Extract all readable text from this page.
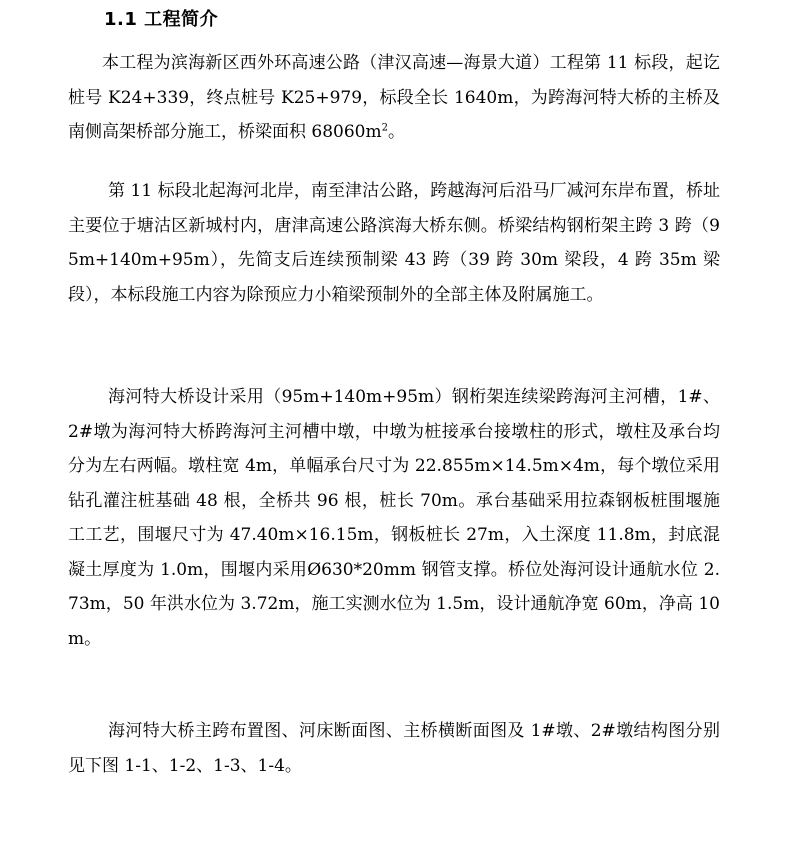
1.1 工程简介

本工程为滨海新区西外环高速公路（津汉高速—海景大道）工程第 11 标段，起讫桩号 K24+339，终点桩号 K25+979，标段全长 1640m，为跨海河特大桥的主桥及南侧高架桥部分施工，桥梁面积 $68060m^2$。

第 11 标段北起海河北岸，南至津沽公路，跨越海河后沿马厂减河东岸布置，桥址主要位于塘沽区新城村内，唐津高速公路滨海大桥东侧。桥梁结构钢桁架主跨 3 跨（95m+140m+95m），先简支后连续预制梁 43 跨（39 跨 30m 梁段，4 跨 35m 梁段），本标段施工内容为除预应力小箱梁预制外的全部主体及附属施工。

海河特大桥设计采用（95m+140m+95m）钢桁架连续梁跨海河主河槽，1#、2#墩为海河特大桥跨海河主河槽中墩，中墩为桩接承台接墩柱的形式，墩柱及承台均分为左右两幅。墩柱宽 4m，单幅承台尺寸为 22.855m×14.5m×4m，每个墩位采用钻孔灌注桩基础 48 根，全桥共 96 根，桩长 70m。承台基础采用拉森钢板桩围堰施工工艺，围堰尺寸为 47.40m×16.15m，钢板桩长 27m，入土深度 11.8m，封底混凝土厚度为 1.0m，围堰内采用Ø630*20mm 钢管支撑。桥位处海河设计通航水位 2.73m，50 年洪水位为 3.72m，施工实测水位为 1.5m，设计通航净宽 60m，净高 10m。

海河特大桥主跨布置图、河床断面图、主桥横断面图及 1#墩、2#墩结构图分别见下图 1-1、1-2、1-3、1-4。
